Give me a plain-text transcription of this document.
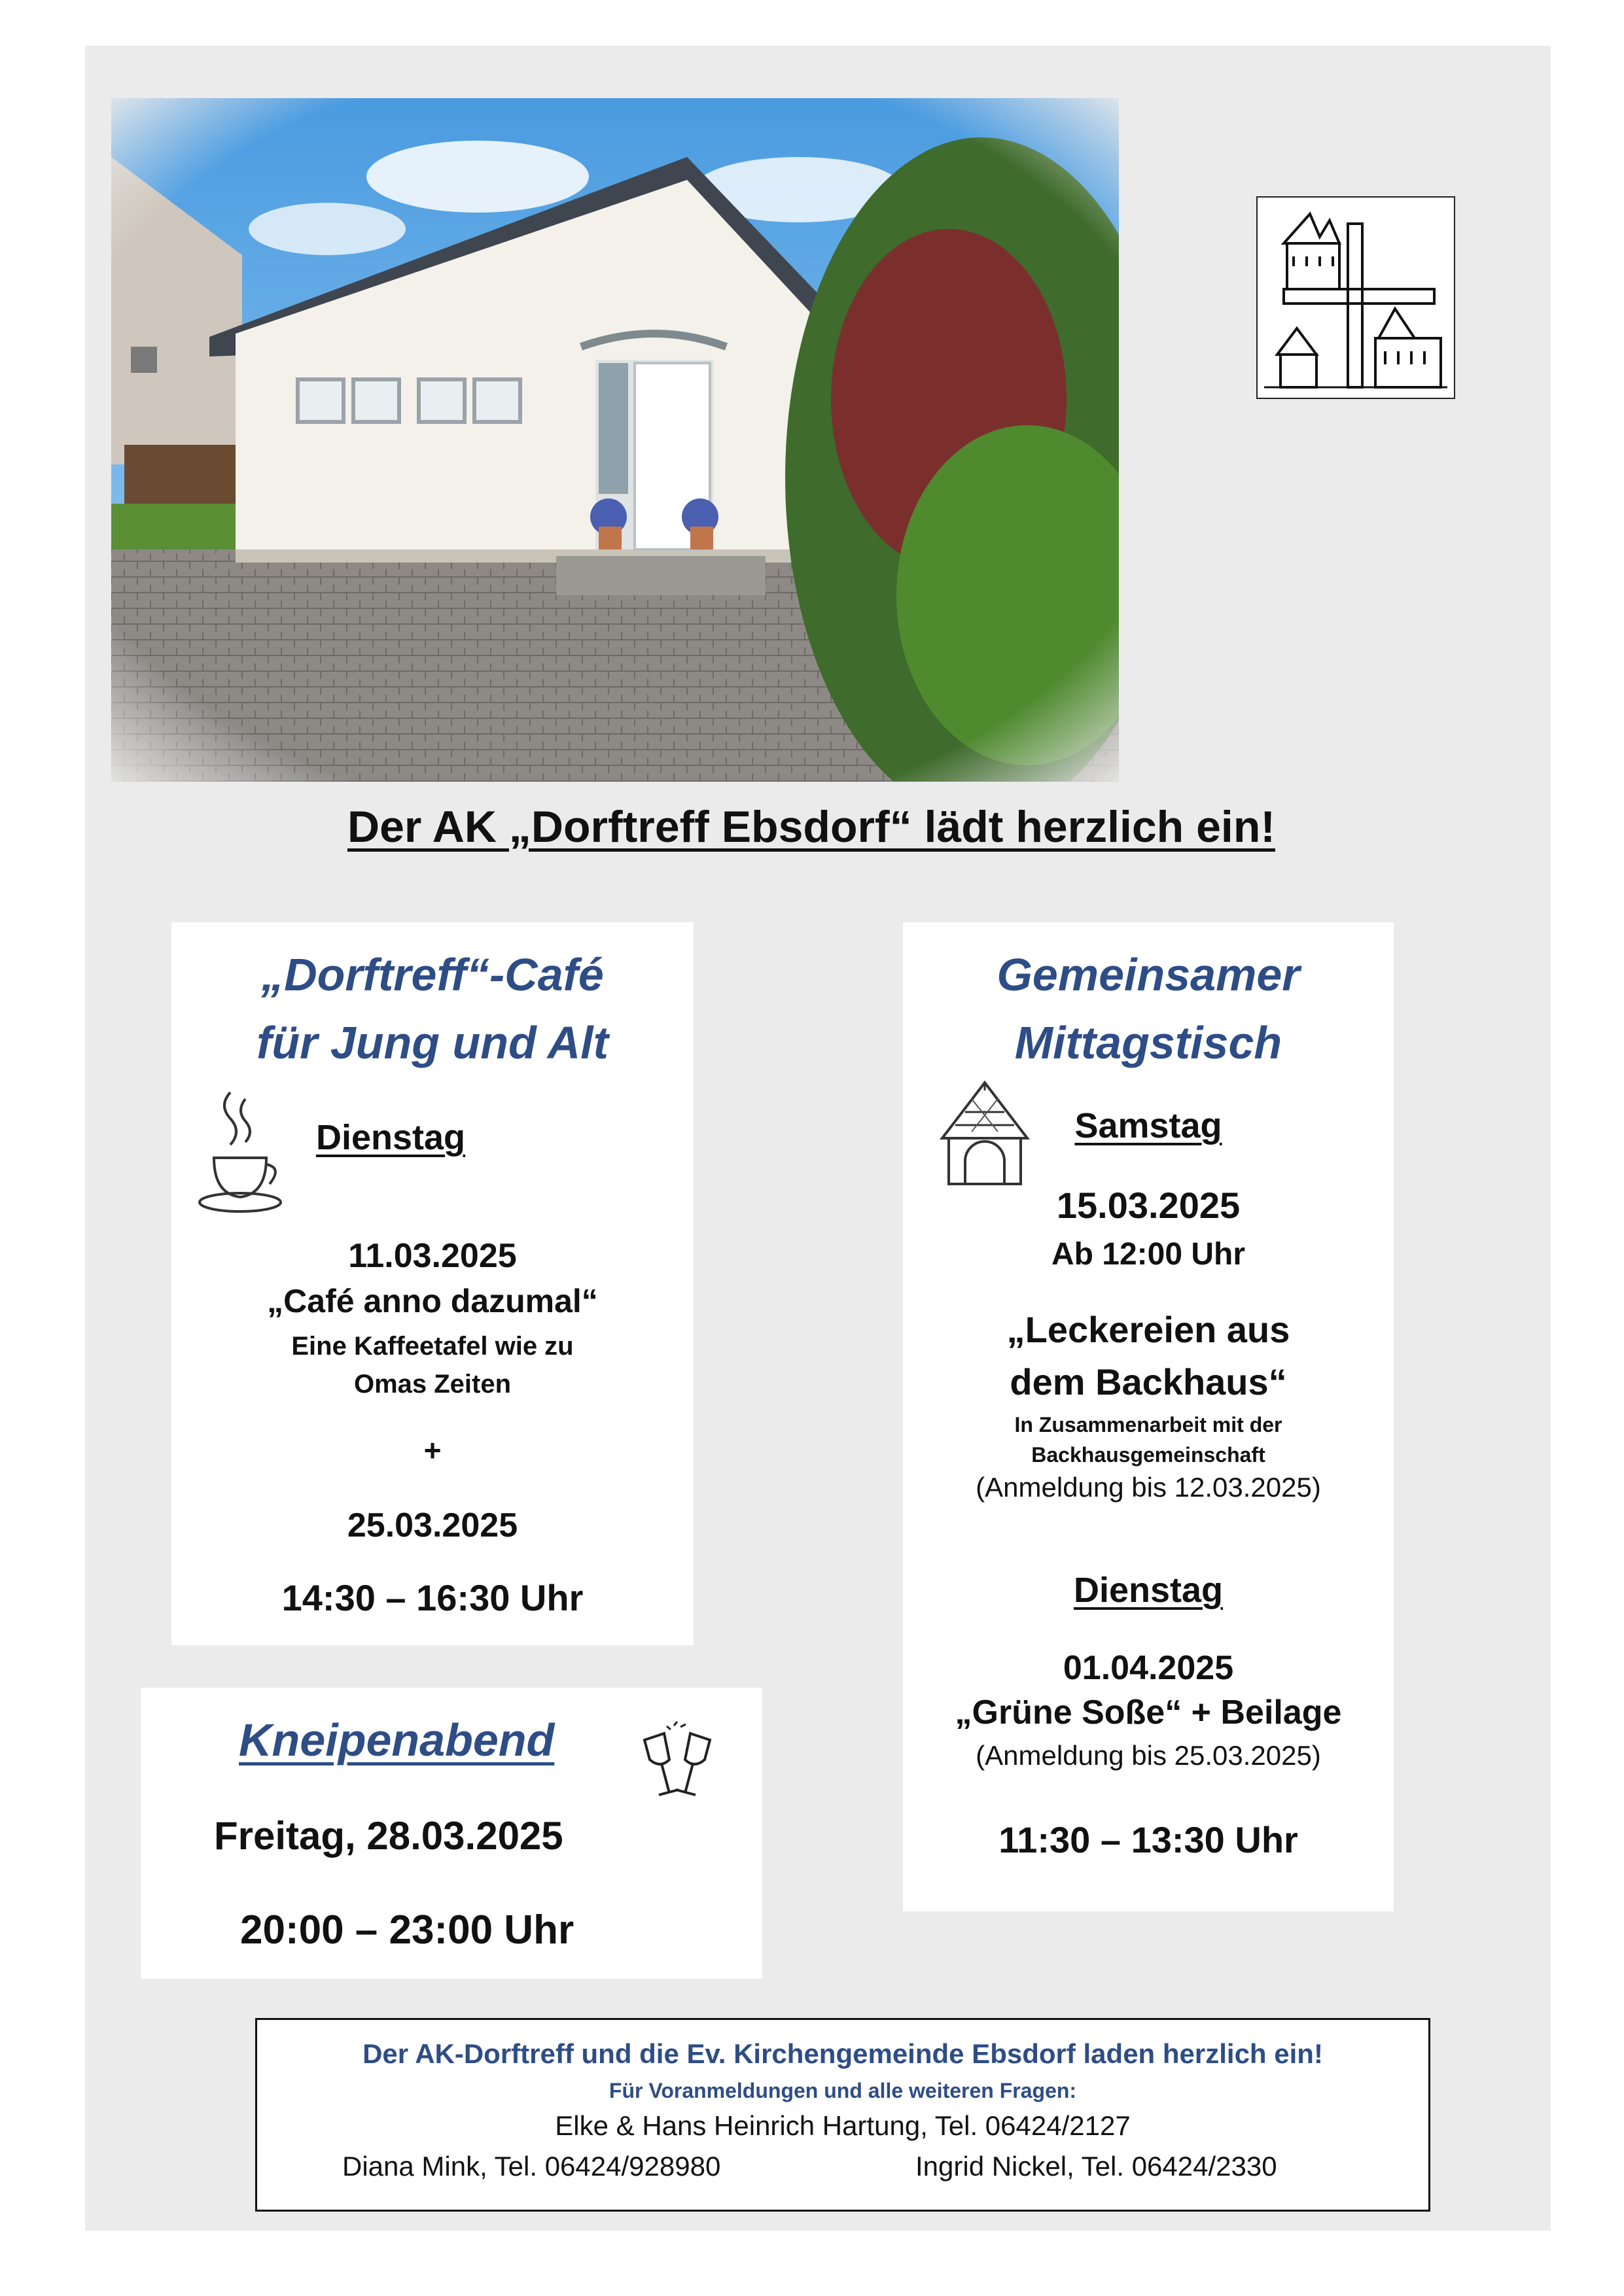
Der AK „Dorftreff Ebsdorf“ lädt herzlich ein!
„Dorftreff“-Café
für Jung und Alt
Dienstag
11.03.2025
„Café anno dazumal“
Eine Kaffeetafel wie zu
Omas Zeiten
+
25.03.2025
14:30 – 16:30 Uhr
Kneipenabend
Freitag, 28.03.2025
20:00 – 23:00 Uhr
Gemeinsamer
Mittagstisch
Samstag
15.03.2025
Ab 12:00 Uhr
„Leckereien aus
dem Backhaus“
In Zusammenarbeit mit der
Backhausgemeinschaft
(Anmeldung bis 12.03.2025)
Dienstag
01.04.2025
„Grüne Soße“ + Beilage
(Anmeldung bis 25.03.2025)
11:30 – 13:30 Uhr
Der AK-Dorftreff und die Ev. Kirchengemeinde Ebsdorf laden herzlich ein!
Für Voranmeldungen und alle weiteren Fragen:
Elke & Hans Heinrich Hartung, Tel. 06424/2127
Diana Mink, Tel. 06424/928980	Ingrid Nickel, Tel. 06424/2330
